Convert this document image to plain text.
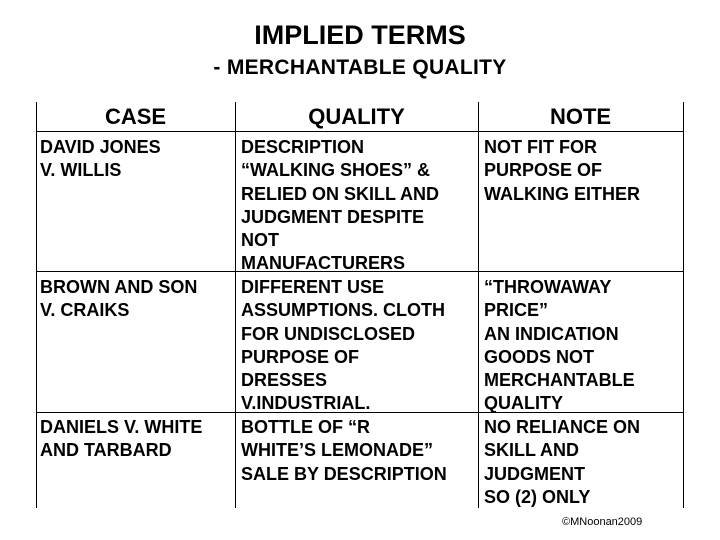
IMPLIED TERMS
- MERCHANTABLE QUALITY
CASE	QUALITY	NOTE
DAVID JONES
V. WILLIS
DESCRIPTION
“WALKING SHOES” &
RELIED ON SKILL AND
JUDGMENT DESPITE
NOT
MANUFACTURERS
NOT FIT FOR
PURPOSE OF
WALKING EITHER
BROWN AND SON
V. CRAIKS
DIFFERENT USE
ASSUMPTIONS. CLOTH
FOR UNDISCLOSED
PURPOSE OF
DRESSES
V.INDUSTRIAL.
“THROWAWAY
PRICE”
AN INDICATION
GOODS NOT
MERCHANTABLE
QUALITY
DANIELS V. WHITE
AND TARBARD
BOTTLE OF “R
WHITE’S LEMONADE”
SALE BY DESCRIPTION
NO RELIANCE ON
SKILL AND
JUDGMENT
SO (2) ONLY
©MNoonan2009
